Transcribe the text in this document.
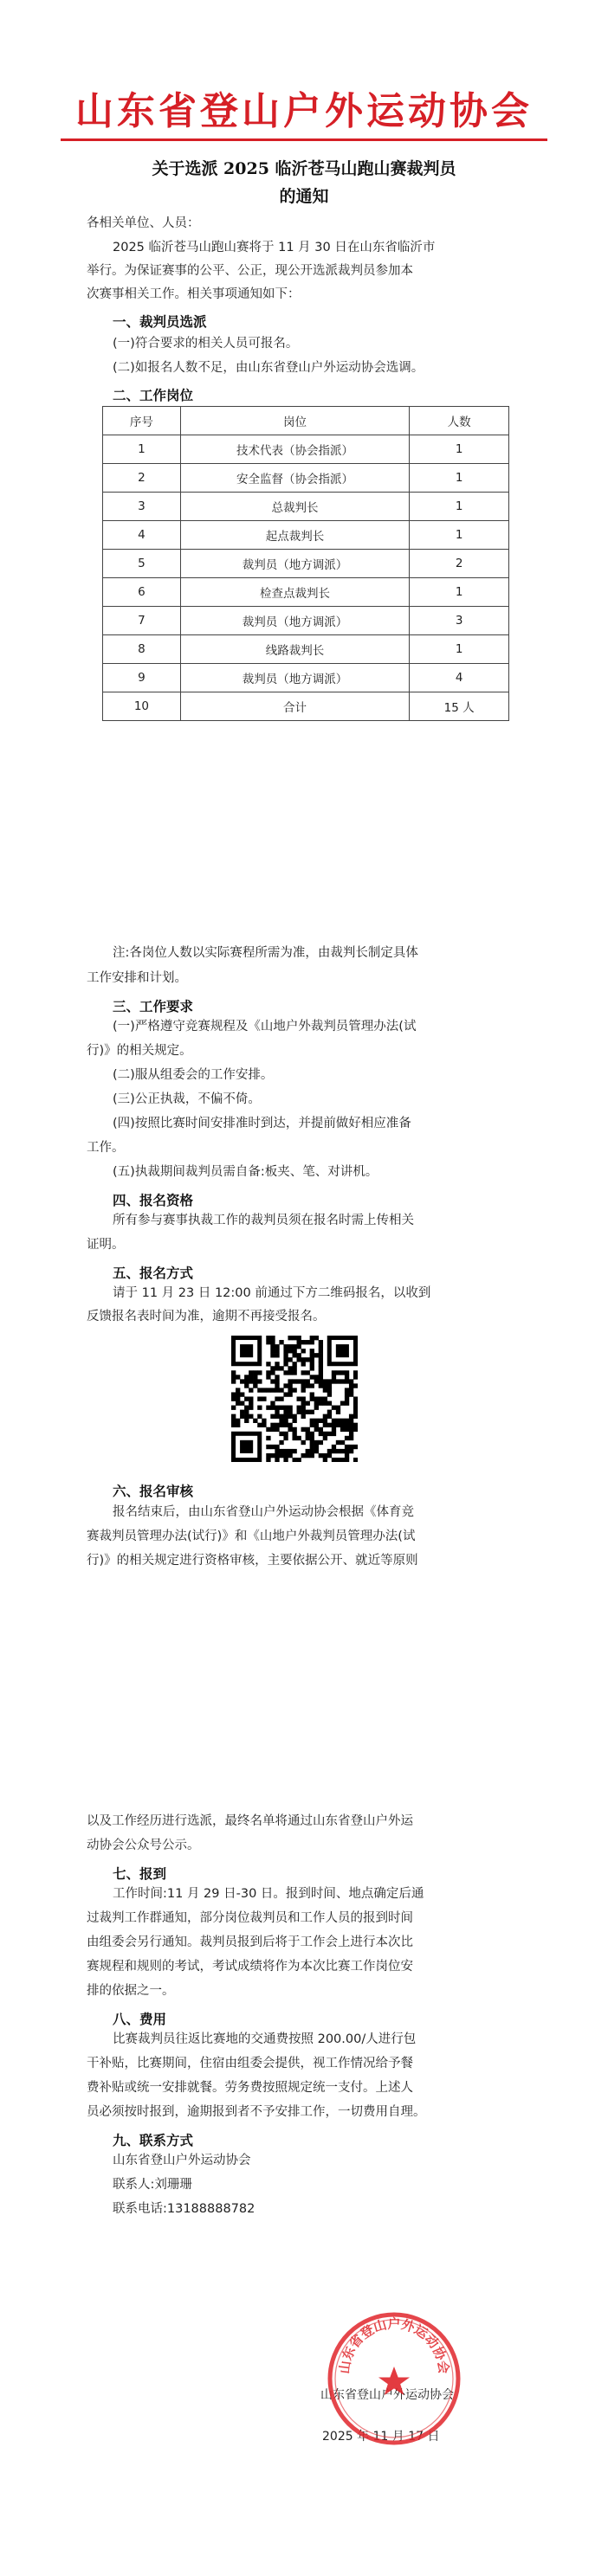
山东省登山户外运动协会
关于选派 2025 临沂苍马山跑山赛裁判员
的通知
各相关单位、人员：
2025 临沂苍马山跑山赛将于 11 月 30 日在山东省临沂市
举行。为保证赛事的公平、公正，现公开选派裁判员参加本
次赛事相关工作。相关事项通知如下：
一、裁判员选派
(一)符合要求的相关人员可报名。
(二)如报名人数不足，由山东省登山户外运动协会选调。
二、工作岗位
序号	岗位	人数
1	技术代表（协会指派）	1
2	安全监督（协会指派）	1
3	总裁判长	1
4	起点裁判长	1
5	裁判员（地方调派）	2
6	检查点裁判长	1
7	裁判员（地方调派）	3
8	线路裁判长	1
9	裁判员（地方调派）	4
10	合计	15 人
注:各岗位人数以实际赛程所需为准，由裁判长制定具体
工作安排和计划。
三、工作要求
(一)严格遵守竞赛规程及《山地户外裁判员管理办法(试
行)》的相关规定。
(二)服从组委会的工作安排。
(三)公正执裁，不偏不倚。
(四)按照比赛时间安排准时到达，并提前做好相应准备
工作。
(五)执裁期间裁判员需自备:板夹、笔、对讲机。
四、报名资格
所有参与赛事执裁工作的裁判员须在报名时需上传相关
证明。
五、报名方式
请于 11 月 23 日 12:00 前通过下方二维码报名，以收到
反馈报名表时间为准，逾期不再接受报名。
六、报名审核
报名结束后，由山东省登山户外运动协会根据《体育竞
赛裁判员管理办法(试行)》和《山地户外裁判员管理办法(试
行)》的相关规定进行资格审核，主要依据公开、就近等原则
以及工作经历进行选派，最终名单将通过山东省登山户外运
动协会公众号公示。
七、报到
工作时间:11 月 29 日-30 日。报到时间、地点确定后通
过裁判工作群通知，部分岗位裁判员和工作人员的报到时间
由组委会另行通知。裁判员报到后将于工作会上进行本次比
赛规程和规则的考试，考试成绩将作为本次比赛工作岗位安
排的依据之一。
八、费用
比赛裁判员往返比赛地的交通费按照 200.00/人进行包
干补贴，比赛期间，住宿由组委会提供，视工作情况给予餐
费补贴或统一安排就餐。劳务费按照规定统一支付。上述人
员必须按时报到，逾期报到者不予安排工作，一切费用自理。
九、联系方式
山东省登山户外运动协会
联系人:刘珊珊
联系电话:13188888782
山东省登山户外运动协会
2025 年 11 月 17 日
山东省登山户外运动协会
